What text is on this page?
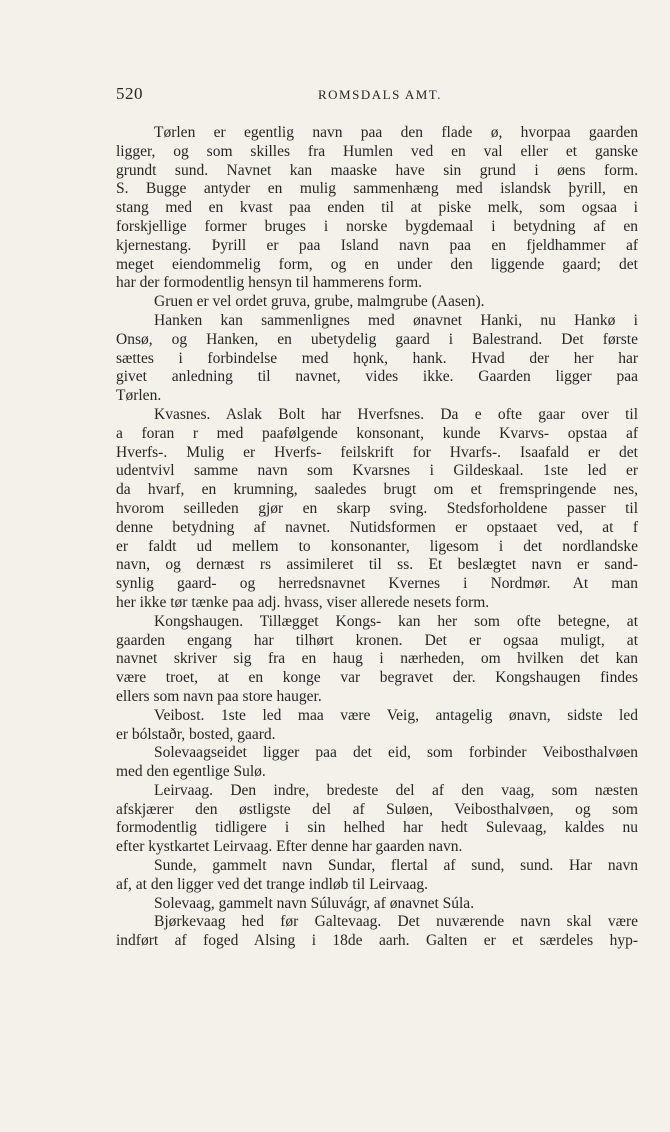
520	ROMSDALS AMT.
Tørlen er egentlig navn paa den flade ø, hvorpaa gaarden
ligger, og som skilles fra Humlen ved en val eller et ganske
grundt sund. Navnet kan maaske have sin grund i øens form.
S. Bugge antyder en mulig sammenhæng med islandsk þyrill, en
stang med en kvast paa enden til at piske melk, som ogsaa i
forskjellige former bruges i norske bygdemaal i betydning af en
kjernestang. Þyrill er paa Island navn paa en fjeldhammer af
meget eiendommelig form, og en under den liggende gaard; det
har der formodentlig hensyn til hammerens form.
Gruen er vel ordet gruva, grube, malmgrube (Aasen).
Hanken kan sammenlignes med ønavnet Hanki, nu Hankø i
Onsø, og Hanken, en ubetydelig gaard i Balestrand. Det første
sættes i forbindelse med hǫnk, hank. Hvad der her har
givet anledning til navnet, vides ikke. Gaarden ligger paa
Tørlen.
Kvasnes. Aslak Bolt har Hverfsnes. Da e ofte gaar over til
a foran r med paafølgende konsonant, kunde Kvarvs- opstaa af
Hverfs-. Mulig er Hverfs- feilskrift for Hvarfs-. Isaafald er det
udentvivl samme navn som Kvarsnes i Gildeskaal. 1ste led er
da hvarf, en krumning, saaledes brugt om et fremspringende nes,
hvorom seilleden gjør en skarp sving. Stedsforholdene passer til
denne betydning af navnet. Nutidsformen er opstaaet ved, at f
er faldt ud mellem to konsonanter, ligesom i det nordlandske
navn, og dernæst rs assimileret til ss. Et beslægtet navn er sand-
synlig gaard- og herredsnavnet Kvernes i Nordmør. At man
her ikke tør tænke paa adj. hvass, viser allerede nesets form.
Kongshaugen. Tillægget Kongs- kan her som ofte betegne, at
gaarden engang har tilhørt kronen. Det er ogsaa muligt, at
navnet skriver sig fra en haug i nærheden, om hvilken det kan
være troet, at en konge var begravet der. Kongshaugen findes
ellers som navn paa store hauger.
Veibost. 1ste led maa være Veig, antagelig ønavn, sidste led
er bólstaðr, bosted, gaard.
Solevaagseidet ligger paa det eid, som forbinder Veibosthalvøen
med den egentlige Sulø.
Leirvaag. Den indre, bredeste del af den vaag, som næsten
afskjærer den østligste del af Suløen, Veibosthalvøen, og som
formodentlig tidligere i sin helhed har hedt Sulevaag, kaldes nu
efter kystkartet Leirvaag. Efter denne har gaarden navn.
Sunde, gammelt navn Sundar, flertal af sund, sund. Har navn
af, at den ligger ved det trange indløb til Leirvaag.
Solevaag, gammelt navn Súluvágr, af ønavnet Súla.
Bjørkevaag hed før Galtevaag. Det nuværende navn skal være
indført af foged Alsing i 18de aarh. Galten er et særdeles hyp-
